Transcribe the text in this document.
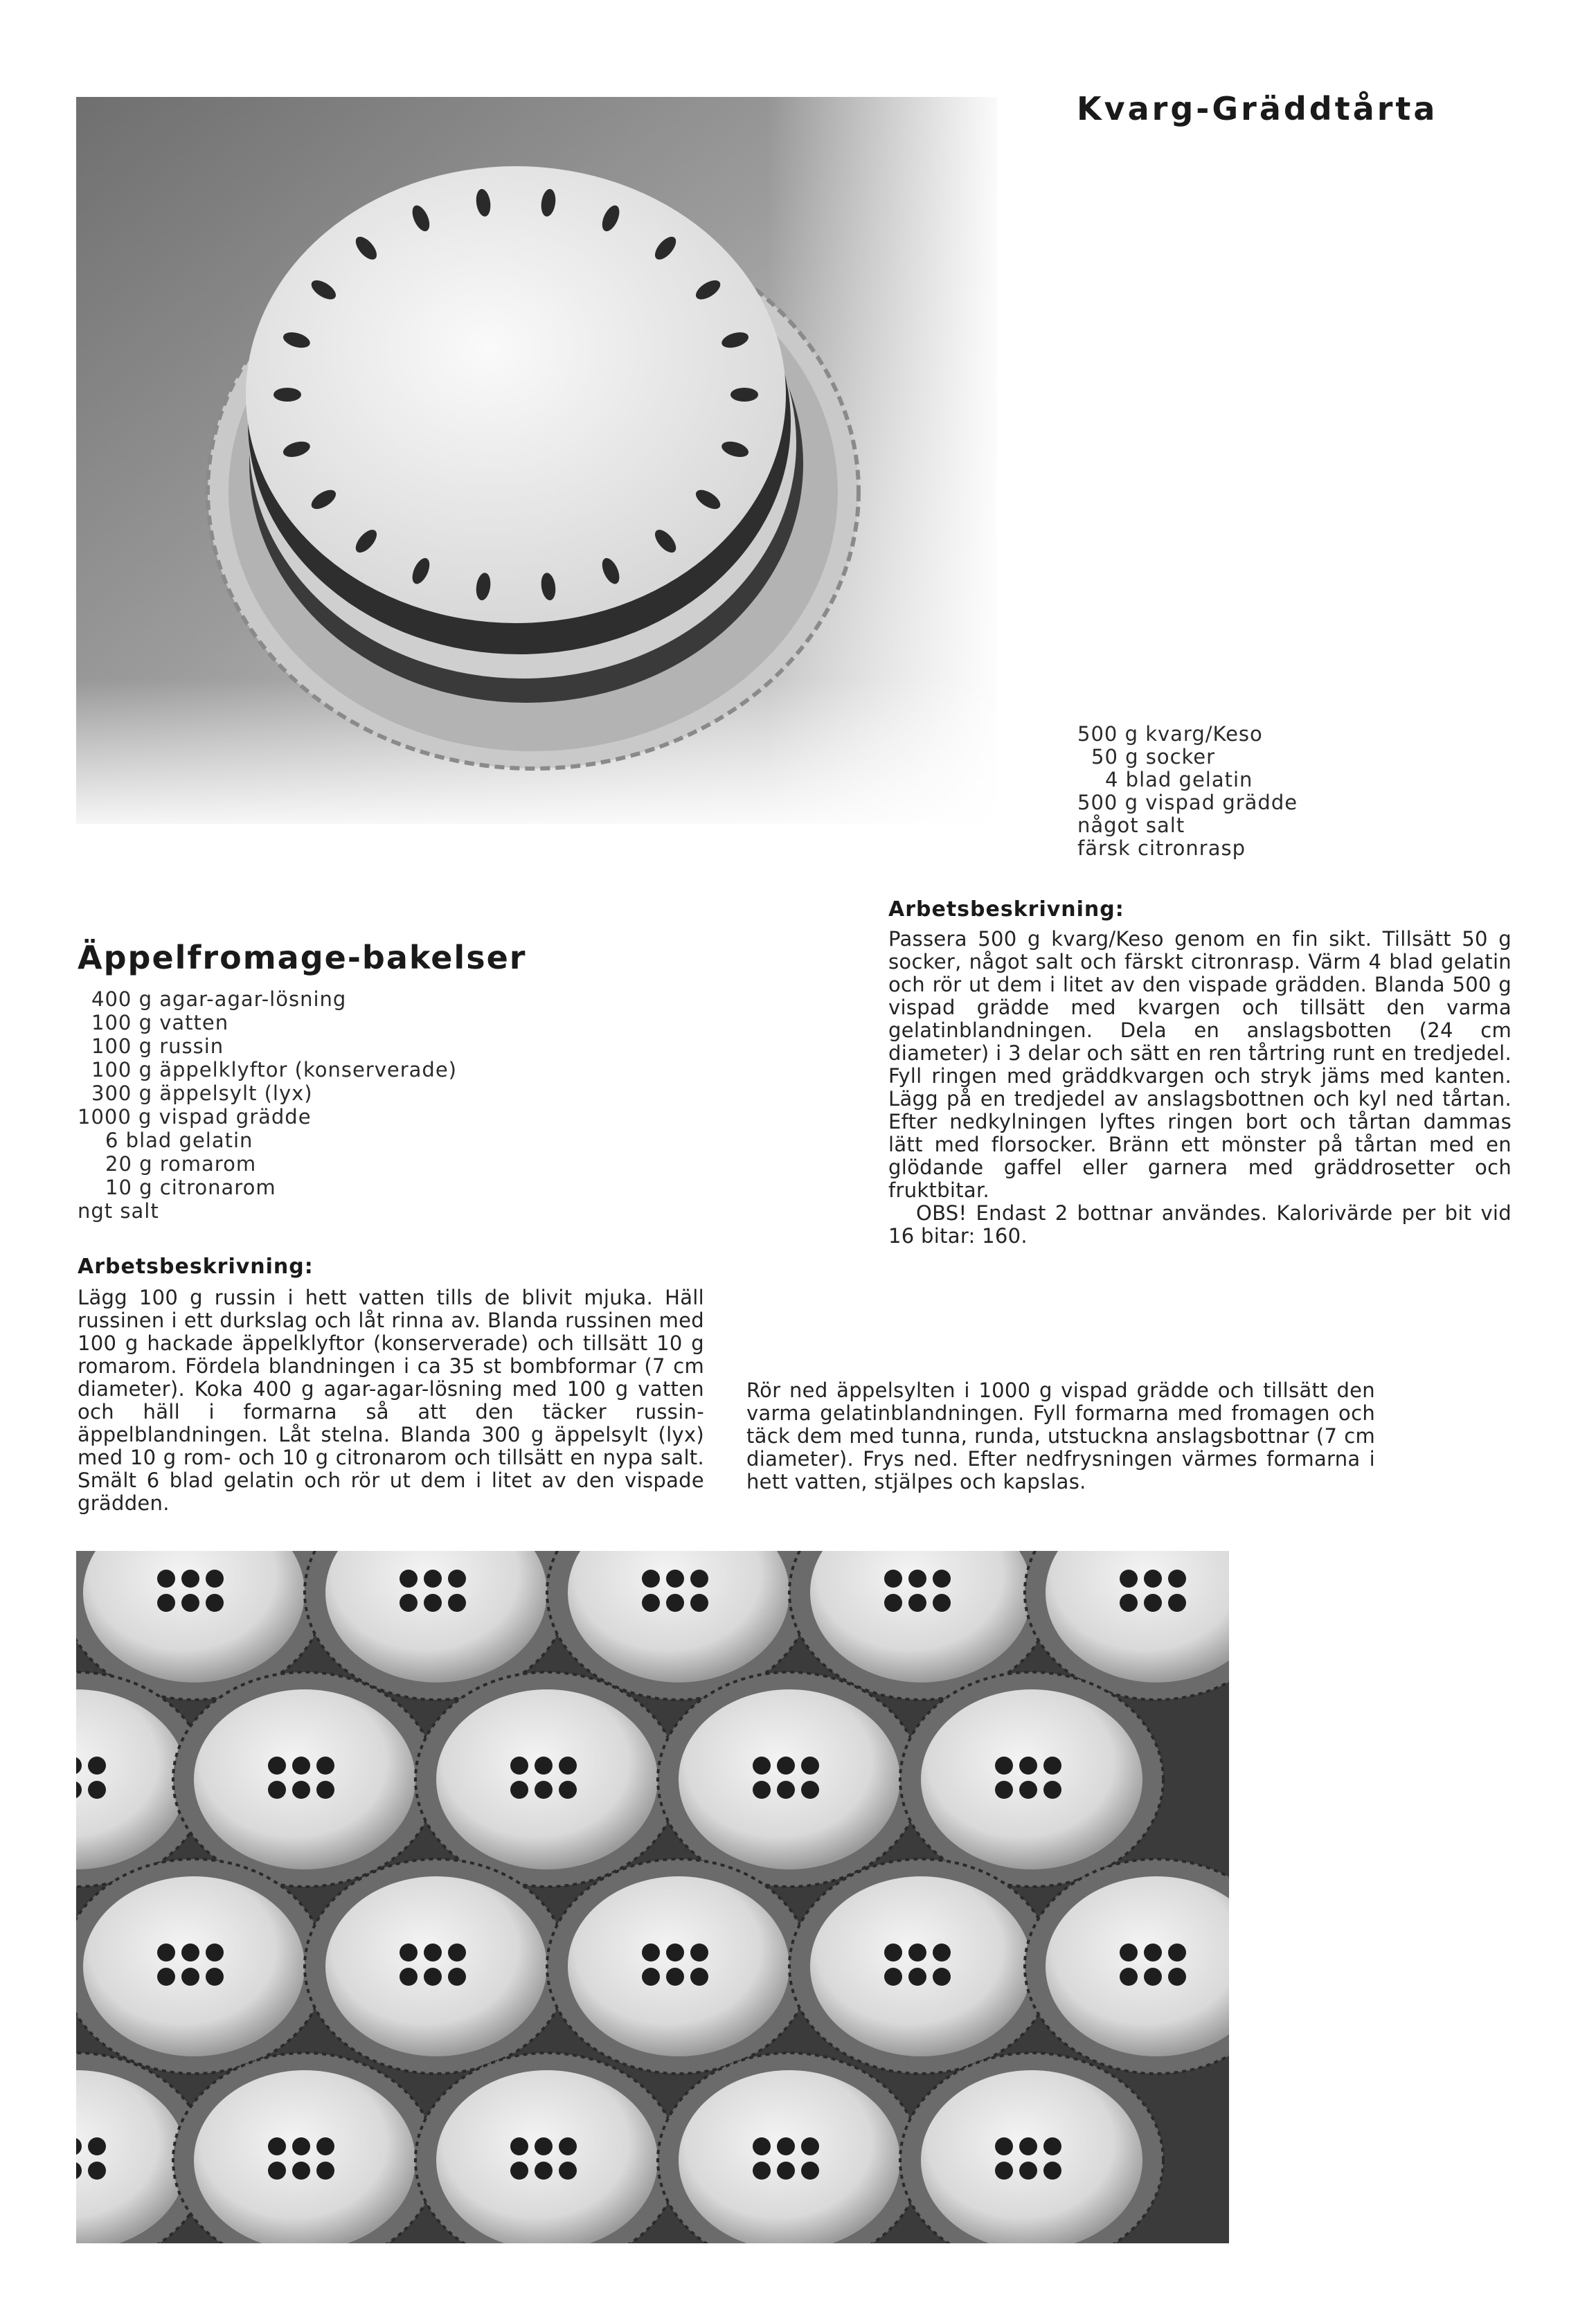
Kvarg-Gräddtårta
500 g kvarg/Keso
50 g socker
4 blad gelatin
500 g vispad grädde
något salt
färsk citronrasp
Arbetsbeskrivning:
Passera 500 g kvarg/Keso genom en fin sikt. Tillsätt 50 g socker, något salt och färskt citronrasp. Värm 4 blad gelatin och rör ut dem i litet av den vispade grädden. Blanda 500 g vispad grädde med kvargen och tillsätt den varma gelatinblandningen. Dela en anslagsbotten (24 cm diameter) i 3 delar och sätt en ren tårtring runt en tredjedel. Fyll ringen med gräddkvargen och stryk jäms med kanten. Lägg på en tredjedel av anslagsbottnen och kyl ned tårtan. Efter nedkylningen lyftes ringen bort och tårtan dammas lätt med florsocker. Bränn ett mönster på tårtan med en glödande gaffel eller garnera med gräddrosetter och fruktbitar.
OBS! Endast 2 bottnar användes. Kalorivärde per bit vid 16 bitar: 160.
Äppelfromage-bakelser
400 g agar-agar-lösning
100 g vatten
100 g russin
100 g äppelklyftor (konserverade)
300 g äppelsylt (lyx)
1000 g vispad grädde
6 blad gelatin
20 g romarom
10 g citronarom
ngt salt
Arbetsbeskrivning:
Lägg 100 g russin i hett vatten tills de blivit mjuka. Häll russinen i ett durkslag och låt rinna av. Blanda russinen med 100 g hackade äppelklyftor (konserverade) och tillsätt 10 g romarom. Fördela blandningen i ca 35 st bombformar (7 cm diameter). Koka 400 g agar-agar-lösning med 100 g vatten och häll i formarna så att den täcker russin-äppelblandningen. Låt stelna. Blanda 300 g äppelsylt (lyx) med 10 g rom- och 10 g citronarom och tillsätt en nypa salt. Smält 6 blad gelatin och rör ut dem i litet av den vispade grädden.
Rör ned äppelsylten i 1000 g vispad grädde och tillsätt den varma gelatinblandningen. Fyll formarna med fromagen och täck dem med tunna, runda, utstuckna anslagsbottnar (7 cm diameter). Frys ned. Efter nedfrysningen värmes formarna i hett vatten, stjälpes och kapslas.
